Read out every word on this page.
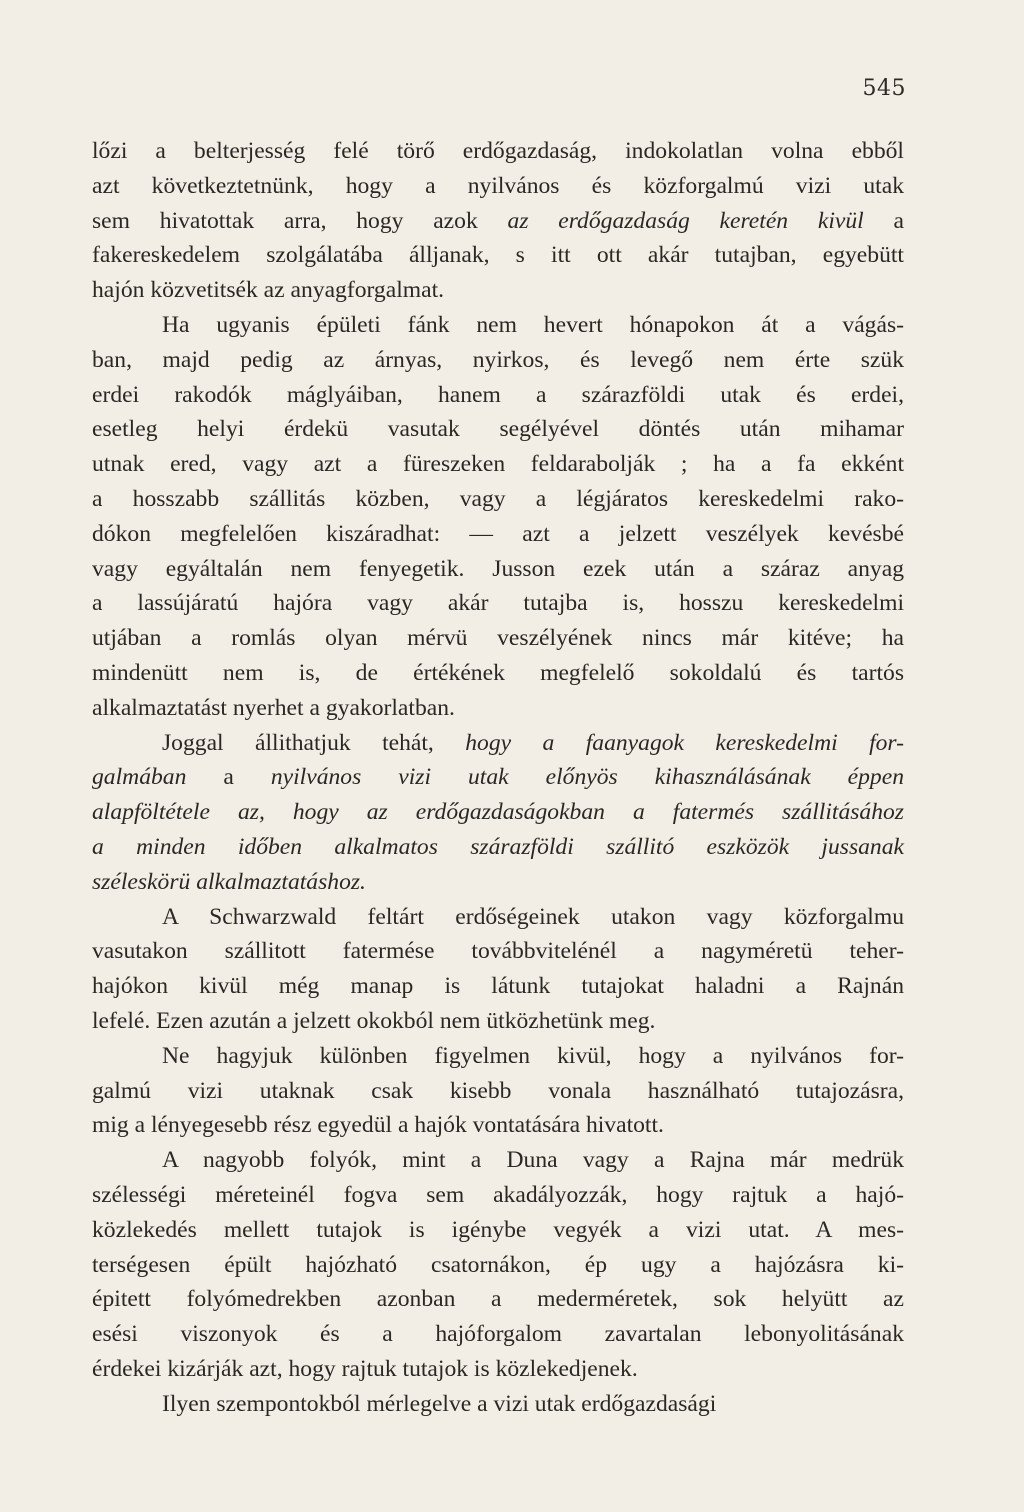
545
lőzi a belterjesség felé törő erdőgazdaság, indokolatlan volna ebből
azt következtetnünk, hogy a nyilvános és közforgalmú vizi utak
sem hivatottak arra, hogy azok az erdőgazdaság keretén kivül a
fakereskedelem szolgálatába álljanak, s itt ott akár tutajban, egyebütt
hajón közvetitsék az anyagforgalmat.
Ha ugyanis épületi fánk nem hevert hónapokon át a vágás-
ban, majd pedig az árnyas, nyirkos, és levegő nem érte szük
erdei rakodók máglyáiban, hanem a szárazföldi utak és erdei,
esetleg helyi érdekü vasutak segélyével döntés után mihamar
utnak ered, vagy azt a füreszeken feldarabolják ; ha a fa ekként
a hosszabb szállitás közben, vagy a légjáratos kereskedelmi rako-
dókon megfelelően kiszáradhat: — azt a jelzett veszélyek kevésbé
vagy egyáltalán nem fenyegetik. Jusson ezek után a száraz anyag
a lassújáratú hajóra vagy akár tutajba is, hosszu kereskedelmi
utjában a romlás olyan mérvü veszélyének nincs már kitéve; ha
mindenütt nem is, de értékének megfelelő sokoldalú és tartós
alkalmaztatást nyerhet a gyakorlatban.
Joggal állithatjuk tehát, hogy a faanyagok kereskedelmi for-
galmában a nyilvános vizi utak előnyös kihasználásának éppen
alapföltétele az, hogy az erdőgazdaságokban a fatermés szállitásához
a minden időben alkalmatos szárazföldi szállitó eszközök jussanak
széleskörü alkalmaztatáshoz.
A Schwarzwald feltárt erdőségeinek utakon vagy közforgalmu
vasutakon szállitott fatermése továbbvitelénél a nagyméretü teher-
hajókon kivül még manap is látunk tutajokat haladni a Rajnán
lefelé. Ezen azután a jelzett okokból nem ütközhetünk meg.
Ne hagyjuk különben figyelmen kivül, hogy a nyilvános for-
galmú vizi utaknak csak kisebb vonala használható tutajozásra,
mig a lényegesebb rész egyedül a hajók vontatására hivatott.
A nagyobb folyók, mint a Duna vagy a Rajna már medrük
szélességi méreteinél fogva sem akadályozzák, hogy rajtuk a hajó-
közlekedés mellett tutajok is igénybe vegyék a vizi utat. A mes-
terségesen épült hajózható csatornákon, ép ugy a hajózásra ki-
épitett folyómedrekben azonban a mederméretek, sok helyütt az
esési viszonyok és a hajóforgalom zavartalan lebonyolitásának
érdekei kizárják azt, hogy rajtuk tutajok is közlekedjenek.
Ilyen szempontokból mérlegelve a vizi utak erdőgazdasági
